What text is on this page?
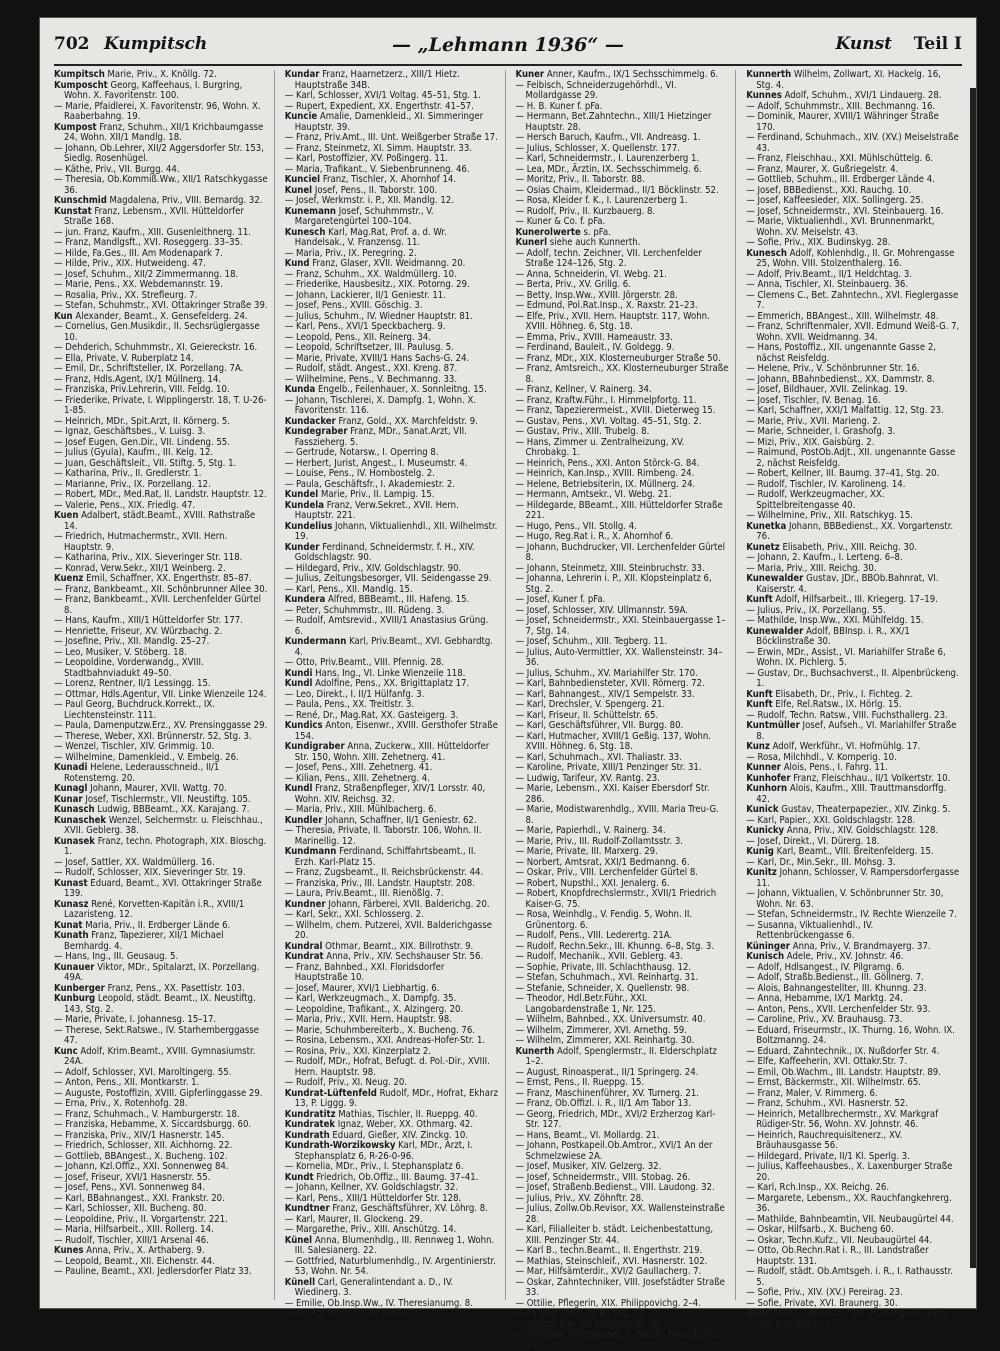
702 Kumpitsch	— „Lehmann 1936“ —	Kunst Teil I

Kumpitsch Marie, Priv., X. Knöllg. 72.

Kumposcht Georg, Kaffeehaus, I. Burgring, Wohn. X. Favoritenstr. 100.

— Marie, Pfaidlerei, X. Favoritenstr. 96, Wohn. X. Raaberbahng. 19.

Kumpost Franz, Schuhm., XII/1 Krichbaumgasse 24, Wohn. XII/1 Mandlg. 18.

— Johann, Ob.Lehrer, XII/2 Aggersdorfer Str. 153, Siedlg. Rosenhügel.

— Käthe, Priv., VII. Burgg. 44.

— Theresia, Ob.Kommiß.Ww., XII/1 Ratschkygasse 36.

Kunschmid Magdalena, Priv., VIII. Bernardg. 32.

Kunstat Franz, Lebensm., XVII. Hütteldorfer Straße 168.

— jun. Franz, Kaufm., XIII. Gusenleithnerg. 11.

— Franz, Mandlgsft., XVI. Roseggerg. 33–35.

— Hilde, Fa.Ges., III. Am Modenapark 7.

— Hilde, Priv., XIX. Hutweideng. 47.

— Josef, Schuhm., XII/2 Zimmermanng. 18.

— Marie, Pens., XX. Webdemannstr. 19.

— Rosalia, Priv., XX. Strefleurg. 7.

— Stefan, Schuhmstr., XVI. Ottakringer Straße 39.

Kun Alexander, Beamt., X. Gensefelderg. 24.

— Cornelius, Gen.Musikdir., II. Sechsrüglergasse 10.

— Dehderich, Schuhmmstr., XI. Geiereckstr. 16.

— Ella, Private, V. Ruberplatz 14.

— Emil, Dr., Schriftsteller, IX. Porzellang. 7A.

— Franz, Hdls.Agent, IX/1 Müllnerg. 14.

— Franziska, Priv.Lehrerin, VIII. Feldg. 10.

— Friederike, Private, I. Wipplingerstr. 18, T. U-26-1-85.

— Heinrich, MDr., Spit.Arzt, II. Körnerg. 5.

— Ignaz, Geschäftsbes., V. Luisg. 3.

— Josef Eugen, Gen.Dir., VII. Lindeng. 55.

— Julius (Gyula), Kaufm., III. Kelg. 12.

— Juan, Geschäftsleit., VII. Stiftg. 5, Stg. 1.

— Katharina, Priv., II. Gredlerstr. 1.

— Marianne, Priv., IX. Porzellang. 12.

— Robert, MDr., Med.Rat, II. Landstr. Hauptstr. 12.

— Valerie, Pens., XIX. Friedlg. 47.

Kuen Adalbert, städt.Beamt., XVIII. Rathstraße 14.

— Friedrich, Hutmachermstr., XVII. Hern. Hauptstr. 9.

— Katharina, Priv., XIX. Sieveringer Str. 118.

— Konrad, Verw.Sekr., XII/1 Weinberg. 2.

Kuenz Emil, Schaffner, XX. Engerthstr. 85–87.

— Franz, Bankbeamt., XII. Schönbrunner Allee 30.

— Franz, Bankbeamt., XVII. Lerchenfelder Gürtel 8.

— Hans, Kaufm., XIII/1 Hütteldorfer Str. 177.

— Henriette, Friseur, XV. Würzbachg. 2.

— Josefine, Priv., XII. Mandlg. 25–27.

— Leo, Musiker, V. Stöberg. 18.

— Leopoldine, Vorderwandg., XVIII. Stadtbahnviadukt 49–50.

— Lorenz, Rentner, II/1 Lessingg. 15.

— Ottmar, Hdls.Agentur, VII. Linke Wienzeile 124.

— Paul Georg, Buchdruck.Korrekt., IX. Liechtensteinstr. 111.

— Paula, Damenputzw.Erz., XV. Prensinggasse 29.

— Therese, Weber, XXI. Brünnerstr. 52, Stg. 3.

— Wenzel, Tischler, XIV. Grimmig. 10.

— Wilhelmine, Damenkleid., V. Embelg. 26.

Kunadi Helene, Lederausschneid., II/1 Rotensterng. 20.

Kunagl Johann, Maurer, XVII. Wattg. 70.

Kunar Josef, Tischlermstr., VII. Neustiftg. 105.

Kunasch Ludwig, BBBeamt., XX. Karajang. 7.

Kunaschek Wenzel, Selchermstr. u. Fleischhau., XVII. Geblerg. 38.

Kunasek Franz, techn. Photograph, XIX. Bloschg. 1.

— Josef, Sattler, XX. Waldmüllerg. 16.

— Rudolf, Schlosser, XIX. Sieveringer Str. 19.

Kunast Eduard, Beamt., XVI. Ottakringer Straße 139.

Kunasz René, Korvetten-Kapitän i.R., XVIII/1 Lazaristeng. 12.

Kunat Maria, Priv., II. Erdberger Lände 6.

Kunath Franz, Tapezierer, XII/1 Michael Bernhardg. 4.

— Hans, Ing., III. Geusaug. 5.

Kunauer Viktor, MDr., Spitalarzt, IX. Porzellang. 49A.

Kunberger Franz, Pens., XX. Pasettistr. 103.

Kunburg Leopold, städt. Beamt., IX. Neustiftg. 143, Stg. 2.

— Marie, Private, I. Johannesg. 15–17.

— Therese, Sekt.Ratswe., IV. Starhemberggasse 47.

Kunc Adolf, Krim.Beamt., XVIII. Gymnasiumstr. 24A.

— Adolf, Schlosser, XVI. Maroltingerg. 55.

— Anton, Pens., XII. Montkarstr. 1.

— Auguste, Postoffizin, XVIII. Gipferlinggasse 29.

— Erna, Priv., X. Rotenhofg. 28.

— Franz, Schuhmach., V. Hamburgerstr. 18.

— Franziska, Hebamme, X. Siccardsburgg. 60.

— Franziska, Priv., XIV/1 Hasnerstr. 145.

— Friedrich, Schlosser, XII. Aichhorng. 22.

— Gottlieb, BBAngest., X. Bucheng. 102.

— Johann, Kzl.Offiz., XXI. Sonnenweg 84.

— Josef, Friseur, XVI/1 Hasnerstr. 55.

— Josef, Pens., XVI. Sonnenweg 84.

— Karl, BBahnangest., XXI. Frankstr. 20.

— Karl, Schlosser, XII. Bucheng. 80.

— Leopoldine, Priv., II. Vorgartenstr. 221.

— Maria, Hilfsarbeit., XIII. Rollerg. 14.

— Rudolf, Tischler, XIII/1 Arsenal 46.

Kunes Anna, Priv., X. Arthaberg. 9.

— Leopold, Beamt., XII. Eichenstr. 44.

— Pauline, Beamt., XXI. Jedlersdorfer Platz 33.

Kundar Franz, Haarnetzerz., XIII/1 Hietz. Hauptstraße 34B.

— Karl, Schlosser, XVI/1 Voltag. 45–51, Stg. 1.

— Rupert, Expedient, XX. Engerthstr. 41–57.

Kuncie Amalie, Damenkleid., XI. Simmeringer Hauptstr. 39.

— Franz, Priv.Amt., III. Unt. Weißgerber Straße 17.

— Franz, Steinmetz, XI. Simm. Hauptstr. 33.

— Karl, Postoffizier, XV. Poßingerg. 11.

— Maria, Trafikant., V. Siebenbrunneng. 46.

Kunciel Franz, Tischler, X. Ahornhof 14.

Kunel Josef, Pens., II. Taborstr. 100.

— Josef, Werkmstr. i. P., XII. Mandlg. 12.

Kunemann Josef, Schuhmmstr., V. Margaretengürtel 100–104.

Kunesch Karl, Mag.Rat, Prof. a. d. Wr. Handelsak., V. Franzensg. 11.

— Maria, Priv., IX. Peregring. 2.

Kund Franz, Glaser, XVII. Weidmanng. 20.

— Franz, Schuhm., XX. Waldmüllerg. 10.

— Friederike, Hausbesitz., XIX. Potorng. 29.

— Johann, Lackierer, II/1 Geniestr. 11.

— Josef, Pens., XVIII. Göschig. 3.

— Julius, Schuhm., IV. Wiedner Hauptstr. 81.

— Karl, Pens., XVI/1 Speckbacherg. 9.

— Leopold, Pens., XII. Reinerg. 34.

— Leopold, Schriftsetzer, III. Paulusg. 5.

— Marie, Private, XVIII/1 Hans Sachs-G. 24.

— Rudolf, städt. Angest., XXI. Kreng. 87.

— Wilhelmine, Pens., V. Bechmanng. 33.

Kunda Engelb., Feilenhauer, X. Sonnleitng. 15.

— Johann, Tischlerei, X. Dampfg. 1, Wohn. X. Favoritenstr. 116.

Kundacker Franz, Gold., XX. Marchfeldstr. 9.

Kundegraber Franz, MDr., Sanat.Arzt, VII. Fasszieherg. 5.

— Gertrude, Notarsw., I. Operring 8.

— Herbert, Jurist, Angest., I. Museumstr. 4.

— Louise, Pens., IV. Hornbostelg. 2.

— Paula, Geschäftsfr., I. Akademiestr. 2.

Kundel Marie, Priv., II. Lampig. 15.

Kundela Franz, Verw.Sekret., XVII. Hern. Hauptstr. 221.

Kundelius Johann, Viktualienhdl., XII. Wilhelmstr. 19.

Kunder Ferdinand, Schneidermstr. f. H., XIV. Goldschlagstr. 90.

— Hildegard, Priv., XIV. Goldschlagstr. 90.

— Julius, Zeitungsbesorger, VII. Seidengasse 29.

— Karl, Pens., XII. Mandlg. 15.

Kundera Alfred, BBBeamt., III. Hafeng. 15.

— Peter, Schuhmmstr., III. Rüdeng. 3.

— Rudolf, Amtsrevid., XVIII/1 Anastasius Grüng. 6.

Kundermann Karl, Priv.Beamt., XVI. Gebhardtg. 4.

— Otto, Priv.Beamt., VIII. Pfennig. 28.

Kundi Hans, Ing., VI. Linke Wienzeile 118.

Kundl Adolfine, Pens., XX. Brigittaplatz 17.

— Leo, Direkt., I. II/1 Hülfanfg. 3.

— Paula, Pens., XX. Treitlstr. 3.

— René, Dr., Mag.Rat, XX. Gasteigerg. 3.

Kundics Anton, Eisenwr., XVIII. Gersthofer Straße 154.

Kundigraber Anna, Zuckerw., XIII. Hütteldorfer Str. 150, Wohn. XIII. Zehetnerg. 41.

— Josef, Pens., XIII. Zehetnerg. 41.

— Kilian, Pens., XIII. Zehetnerg. 4.

Kundl Franz, Straßenpfleger, XIV/1 Lorsstr. 40, Wohn. XIV. Reichsg. 32.

— Maria, Priv., XIII. Mühlbacherg. 6.

Kundler Johann, Schaffner, II/1 Geniestr. 62.

— Theresia, Private, II. Taborstr. 106, Wohn. II. Marinellig. 12.

Kundmann Ferdinand, Schiffahrtsbeamt., II. Erzh. Karl-Platz 15.

— Franz, Zugsbeamt., II. Reichsbrückenstr. 44.

— Franziska, Priv., III. Landstr. Hauptstr. 208.

— Laura, Priv.Beamt., III. Rienößlg. 7.

Kundner Johann, Färberei, XVII. Balderichg. 20.

— Karl, Sekr., XXI. Schlosserg. 2.

— Wilhelm, chem. Putzerei, XVII. Balderichgasse 20.

Kundral Othmar, Beamt., XIX. Billrothstr. 9.

Kundrat Anna, Priv., XIV. Sechshauser Str. 56.

— Franz, Bahnbed., XXI. Floridsdorfer Hauptstraße 10.

— Josef, Maurer, XVI/1 Liebhartig. 6.

— Karl, Werkzeugmach., X. Dampfg. 35.

— Leopoldine, Trafikant., X. Alzingerg. 20.

— Maria, Priv., XVII. Hern. Hauptstr. 98.

— Marie, Schuhmbereiterb., X. Bucheng. 76.

— Rosina, Lebensm., XXI. Andreas-Hofer-Str. 1.

— Rosina, Priv., XXI. Kinzerplatz 2.

— Rudolf, MDr., Hofrat, Befugt. d. Pol.-Dir., XVIII. Hern. Hauptstr. 98.

— Rudolf, Priv., XI. Neug. 20.

Kundrat-Lüftenfeld Rudolf, MDr., Hofrat, Ekharz 13, P. Liggg. 9.

Kundratitz Mathias, Tischler, II. Rueppg. 40.

Kundratek Ignaz, Weber, XX. Othmarg. 42.

Kundrath Eduard, Gießer, XIV. Zinckg. 10.

Kundrath-Worzikowsky Karl, MDr., Arzt, I. Stephansplatz 6, R-26-0-96.

— Kornelia, MDr., Priv., I. Stephansplatz 6.

Kundt Friedrich, Ob.Offiz., III. Baumg. 37–41.

— Johann, Kellner, XV. Goldschlagstr. 32.

— Karl, Pens., XIII/1 Hütteldorfer Str. 128.

Kundtner Franz, Geschäftsführer, XV. Löhrg. 8.

— Karl, Maurer, II. Glockeng. 29.

— Margarethe, Priv., XIII. Anschützg. 14.

Künel Anna, Blumenhdlg., III. Rennweg 1, Wohn. III. Salesianerg. 22.

— Gottfried, Naturblumenhdlg., IV. Argentinierstr. 53, Wohn. Nr. 54.

Künell Carl, Generalintendant a. D., IV. Wiedinerg. 3.

— Emilie, Ob.Insp.Ww., IV. Theresianumg. 8.

— Georg, Sekr., III. Hinzerstr. 3.

Kuner Anner, Kaufm., IX/1 Sechsschimmelg. 6.

— Feibisch, Schneiderzugehörhdl., VI. Mollardgasse 29.

— H. B. Kuner f. pFa.

— Hermann, Bet.Zahntechn., XIII/1 Hietzinger Hauptstr. 28.

— Hersch Baruch, Kaufm., VII. Andreasg. 1.

— Julius, Schlosser, X. Quellenstr. 177.

— Karl, Schneidermstr., I. Laurenzerberg 1.

— Lea, MDr., Ärztin, IX. Sechsschimmelg. 6.

— Moritz, Priv., II. Taborstr. 88.

— Osias Chaim, Kleidermad., II/1 Böcklinstr. 52.

— Rosa, Kleider f. K., I. Laurenzerberg 1.

— Rudolf, Priv., II. Kurzbauerg. 8.

— Kuner & Co. f. pFa.

Kunerolwerte s. pFa.

Kunerl siehe auch Kunnerth.

— Adolf, techn. Zeichner, VII. Lerchenfelder Straße 124–126, Stg. 2.

— Anna, Schneiderin, VI. Webg. 21.

— Berta, Priv., XV. Grillg. 6.

— Betty, Insp.Ww., XVIII. Jörgerstr. 28.

— Edmund, Pol.Rat.Insp., X. Raxstr. 21–23.

— Elfe, Priv., XVII. Hern. Hauptstr. 117, Wohn. XVIII. Höhneg. 6, Stg. 18.

— Emma, Priv., XVIII. Hameaustr. 33.

— Ferdinand, Bauleit., IV. Goldegg. 9.

— Franz, MDr., XIX. Klosterneuburger Straße 50.

— Franz, Amtsreich., XX. Klosterneuburger Straße 8.

— Franz, Kellner, V. Rainerg. 34.

— Franz, Kraftw.Führ., I. Himmelpfortg. 11.

— Franz, Tapezierermeist., XVIII. Dieterweg 15.

— Gustav, Pens., XVI. Voltag. 45–51, Stg. 2.

— Gustav, Priv., XIII. Trubelg. 8.

— Hans, Zimmer u. Zentralheizung, XV. Chrobakg. 1.

— Heinrich, Pens., XXI. Anton Störck-G. 84.

— Heinrich, Kan.Insp., XVIII. Rimbeng. 24.

— Helene, Betriebsiterin, IX. Müllnerg. 24.

— Hermann, Amtsekr., VI. Webg. 21.

— Hildegarde, BBeamt., XIII. Hütteldorfer Straße 221.

— Hugo, Pens., VII. Stollg. 4.

— Hugo, Reg.Rat i. R., X. Ahornhof 6.

— Johann, Buchdrucker, VII. Lerchenfelder Gürtel 8.

— Johann, Steinmetz, XIII. Steinbruchstr. 33.

— Johanna, Lehrerin i. P., XII. Klopsteinplatz 6, Stg. 2.

— Josef, Kuner f. pFa.

— Josef, Schlosser, XIV. Ullmannstr. 59A.

— Josef, Schneidermstr., XXI. Steinbauergasse 1–7, Stg. 14.

— Josef, Schuhm., XIII. Tegberg. 11.

— Julius, Auto-Vermittler, XX. Wallensteinstr. 34–36.

— Julius, Schuhm., XV. Mariahilfer Str. 170.

— Karl, Bahnbediensteter, XVII. Römerg. 72.

— Karl, Bahnangest., XIV/1 Sempelstr. 33.

— Karl, Drechsler, V. Spengerg. 21.

— Karl, Friseur, II. Schüttelstr. 65.

— Karl, Geschäftsführer, VII. Burgg. 80.

— Karl, Hutmacher, XVIII/1 Geßig. 137, Wohn. XVIII. Höhneg. 6, Stg. 18.

— Karl, Schuhmach., XVI. Thaliastr. 33.

— Karoline, Private, XIII/1 Penzinger Str. 31.

— Ludwig, Tarifeur, XV. Rantg. 23.

— Marie, Lebensm., XXI. Kaiser Ebersdorf Str. 286.

— Marie, Modistwarenhdlg., XVIII. Maria Treu-G. 8.

— Marie, Papierhdl., V. Rainerg. 34.

— Marie, Priv., III. Rudolf-Zollamtsstr. 3.

— Marie, Private, III. Marxerg. 29.

— Norbert, Amtsrat, XXI/1 Bedmanng. 6.

— Oskar, Priv., VIII. Lerchenfelder Gürtel 8.

— Robert, Nupsthl., XXI. Jenalerg. 6.

— Robert, Knopfdrechslermstr., XVII/1 Friedrich Kaiser-G. 75.

— Rosa, Weinhdlg., V. Fendig. 5, Wohn. II. Grünentorg. 6.

— Rudolf, Pens., VIII. Lederertg. 21A.

— Rudolf, Rechn.Sekr., III. Khunng. 6–8, Stg. 3.

— Rudolf, Mechanik., XVII. Geblerg. 43.

— Sophie, Private, III. Schlachthausg. 12.

— Stefan, Schuhmach., XVI. Reinhartg. 31.

— Stefanie, Schneider, X. Quellenstr. 98.

— Theodor, Hdl.Betr.Führ., XXI. Langobardenstraße 1, Nr. 125.

— Wilhelm, Bahnbed., XX. Universumstr. 40.

— Wilhelm, Zimmerer, XVI. Arnethg. 59.

— Wilhelm, Zimmerer, XXI. Reinhartg. 30.

Kunerth Adolf, Spenglermstr., II. Elderschplatz 1–2.

— August, Rinoasperat., II/1 Springerg. 24.

— Ernst, Pens., II. Rueppg. 15.

— Franz, Maschinenführer, XV. Turnerg. 21.

— Franz, Ob.Offizl. i. R., II/1 Am Tabor 13.

— Georg, Friedrich, MDr., XVI/2 Erzherzog Karl-Str. 127.

— Hans, Beamt., VI. Mollardg. 21.

— Johann, Postkapeil.Ob.Amtror., XVI/1 An der Schmelzwiese 2A.

— Josef, Musiker, XIV. Gelzerg. 32.

— Josef, Schneidermstr., VIII. Stobag. 26.

— Josef, Straßenb.Bedienst., VIII. Laudong. 32.

— Julius, Priv., XV. Zöhnftr. 28.

— Julius, Zollw.Ob.Revisor, XX. Wallensteinstraße 28.

— Karl, Filialleiter b. städt. Leichenbestattung, XIII. Penzinger Str. 44.

— Karl B., techn.Beamt., II. Engerthstr. 219.

— Mathias, Steinschleif., XVI. Hasnerstr. 102.

— Mar, Hilfsämterdir., XVI/2 Gaullacherg. 7.

— Oskar, Zahntechniker, VIII. Josefstädter Straße 33.

— Ottilie, Pflegerin, XIX. Philippovichg. 2–4.

— Pauline, Priv., III. Barthg. 10.

— Rudolf, Priv., IV. Gußhausstr. 20.

— Stephan, BBSchlosser, X. Siedlg. Favorit, Parz. 19.

Kunnerth Wilhelm, Zollwart, XI. Hackelg. 16, Stg. 4.

Kunnes Adolf, Schuhm., XVI/1 Lindauerg. 28.

— Adolf, Schuhmmstr., XIII. Bechmanng. 16.

— Dominik, Maurer, XVIII/1 Währinger Straße 170.

— Ferdinand, Schuhmach., XIV. (XV.) Meiselstraße 43.

— Franz, Fleischhau., XXI. Mühlschüttelg. 6.

— Franz, Maurer, X. Gußriegelstr. 4.

— Gottlieb, Schuhm., III. Erdberger Lände 4.

— Josef, BBBedienst., XXI. Rauchg. 10.

— Josef, Kaffeesieder, XIX. Sollingerg. 25.

— Josef, Schneidermstr., XVI. Steinbauerg. 16.

— Marie, Viktualienhdl., XVI. Brunnenmarkt, Wohn. XV. Meiselstr. 43.

— Sofie, Priv., XIX. Budinskyg. 28.

Kunesch Adolf, Kohlenhdlg., II. Gr. Mohrengasse 25, Wohn. VIII. Stolzenthalerg. 16.

— Adolf, Priv.Beamt., II/1 Heldchtag. 3.

— Anna, Tischler, XI. Steinbauerg. 36.

— Clemens C., Bet. Zahntechn., XVI. Fieglergasse 7.

— Emmerich, BBAngest., XIII. Wilhelmstr. 48.

— Franz, Schriftenmaler, XVII. Edmund Weiß-G. 7, Wohn. XVII. Weidmanng. 34.

— Hans, Postoffiz., XII. ungenannte Gasse 2, nächst Reisfeldg.

— Helene, Priv., V. Schönbrunner Str. 16.

— Johann, BBahnbedienst., XX. Dammstr. 8.

— Josef, Bildhauer, XVII. Zelinkag. 19.

— Josef, Tischler, IV. Benag. 16.

— Karl, Schaffner, XXI/1 Malfattig. 12, Stg. 23.

— Marie, Priv., XVII. Marieng. 2.

— Marie, Schneider, I. Grashofg. 3.

— Mizi, Priv., XIX. Gaisbürg. 2.

— Raimund, PostOb.Adjt., XII. ungenannte Gasse 2, nächst Reisfeldg.

— Robert, Kellner, III. Baumg. 37–41, Stg. 20.

— Rudolf, Tischler, IV. Karolineng. 14.

— Rudolf, Werkzeugmacher, XX. Spittelbreitengasse 40.

— Wilhelmine, Priv., XII. Ratschkyg. 15.

Kunetka Johann, BBBedienst., XX. Vorgartenstr. 76.

Kunetz Elisabeth, Priv., XIII. Reichg. 30.

— Johann, 2. Kaufm., I. Lerteng. 6–8.

— Maria, Priv., XIII. Reichg. 30.

Kunewalder Gustav, JDr., BBOb.Bahnrat, VI. Kaiserstr. 4.

Kunft Adolf, Hilfsarbeit., III. Kriegerg. 17–19.

— Julius, Priv., IX. Porzellang. 55.

— Mathilde, Insp.Ww., XXI. Mühlfeldg. 15.

Kunewalder Adolf, BBInsp. i. R., XX/1 Böcklinstraße 30.

— Erwin, MDr., Assist., VI. Mariahilfer Straße 6, Wohn. IX. Pichlerg. 5.

— Gustav, Dr., Buchsachverst., II. Alpenbrückeng. 1.

Kunft Elisabeth, Dr., Priv., I. Fichteg. 2.

Kunft Elfe, Rel.Ratsw., IX. Hörlg. 15.

— Rudolf, Techn. Ratsw., VIII. Fuchsthallerg. 23.

Kuntmüller Josef, Aufseh., VI. Mariahilfer Straße 8.

Kunz Adolf, Werkführ., VI. Hofmühlg. 17.

— Rosa, Milchhdl., V. Komperig. 10.

Kunner Alois, Pens., I. Fahrg. 11.

Kunhofer Franz, Fleischhau., II/1 Volkertstr. 10.

Kunhorn Alois, Kaufm., XIII. Trauttmansdorffg. 42.

Kunick Gustav, Theaterpapezier., XIV. Zinkg. 5.

— Karl, Papier., XXI. Goldschlagstr. 128.

Kunicky Anna, Priv., XIV. Goldschlagstr. 128.

— Josef, Direkt., VI. Dürerg. 18.

Kunig Karl, Beamt., VIII. Breitenfelderg. 15.

— Karl, Dr., Min.Sekr., III. Mohsg. 3.

Kunitz Johann, Schlosser, V. Rampersdorfergasse 11.

— Johann, Viktualien, V. Schönbrunner Str. 30, Wohn. Nr. 63.

— Stefan, Schneidermstr., IV. Rechte Wienzeile 7.

— Susanna, Viktualienhdl., IV. Rettenbrückengasse 6.

Küninger Anna, Priv., V. Brandmayerg. 37.

Kunisch Adele, Priv., XV. Johnstr. 46.

— Adolf, Hdlsangest., IV. Pilgramg. 6.

— Adolf, Straßb.Bedienst., III. Göllnerg. 7.

— Alois, Bahnangestellter, III. Khunng. 23.

— Anna, Hebamme, IX/1 Marktg. 24.

— Anton, Pens., XVII. Lerchenfelder Str. 93.

— Caroline, Priv., XV. Brauhausg. 73.

— Eduard, Friseurmstr., IX. Thurng. 16, Wohn. IX. Boltzmanng. 24.

— Eduard, Zahntechnik., IX. Nußdorfer Str. 4.

— Elfe, Kaffeeherin, XVI. Ottakr.Str. 7.

— Emil, Ob.Wachm., III. Landstr. Hauptstr. 89.

— Ernst, Bäckermstr., XII. Wilhelmstr. 65.

— Franz, Maler, V. Rimmerg. 6.

— Franz, Schuhm., XVI. Hasnerstr. 52.

— Heinrich, Metallbrechermstr., XV. Markgraf Rüdiger-Str. 56, Wohn. XV. Johnstr. 46.

— Heinrich, Rauchrequisitenerz., XV. Bräuhausgasse 56.

— Hildegard, Private, II/1 Kl. Sperlg. 3.

— Julius, Kaffeehausbes., X. Laxenburger Straße 20.

— Karl, Rch.Insp., XX. Reichg. 26.

— Margarete, Lebensm., XX. Rauchfangkehrerg. 36.

— Mathilde, Bahnbeamtin, VII. Neubaugürtel 44.

— Oskar, Hilfsarb., X. Bucheng 60.

— Oskar, Techn.Kufz., VII. Neubaugürtel 44.

— Otto, Ob.Rechn.Rat i. R., III. Landstraßer Hauptstr. 131.

— Rudolf, städt. Ob.Amtsgeh. i. R., I. Rathausstr. 5.

— Sofie, Priv., XIV. (XV.) Pereirag. 23.

— Sofie, Private, XVI. Braunerg. 30.

Kunit Marie, Lebensm., XVI. Hutteng. 47, Wohn. XVI. Enenkelstr. 5.
